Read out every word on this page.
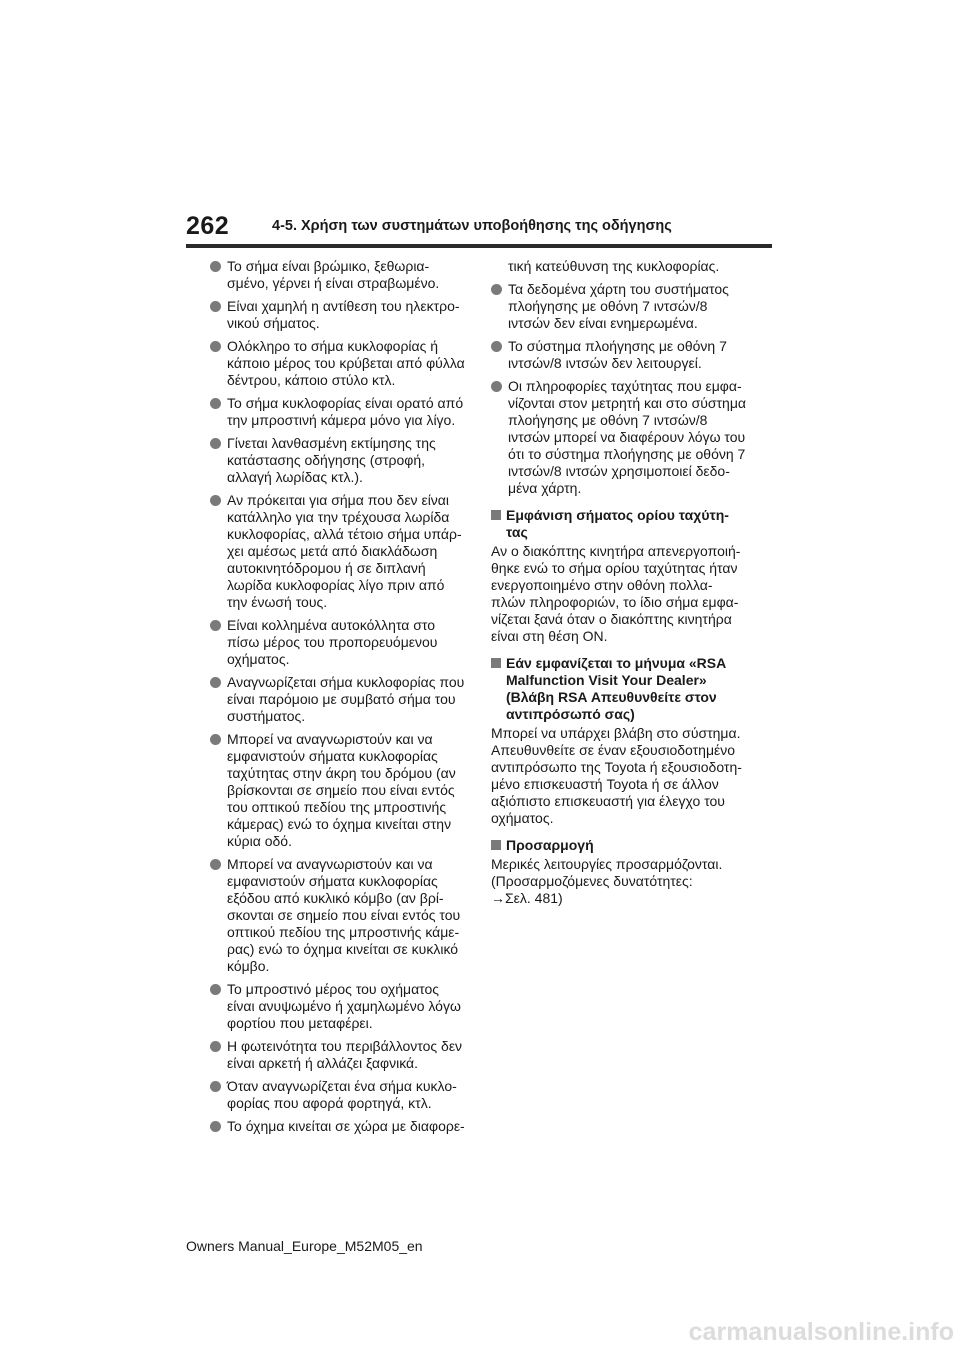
262	4-5. Χρήση των συστημάτων υποβοήθησης της οδήγησης
Το σήμα είναι βρώμικο, ξεθωρια-
σμένο, γέρνει ή είναι στραβωμένο.
Είναι χαμηλή η αντίθεση του ηλεκτρο-
νικού σήματος.
Ολόκληρο το σήμα κυκλοφορίας ή
κάποιο μέρος του κρύβεται από φύλλα
δέντρου, κάποιο στύλο κτλ.
Το σήμα κυκλοφορίας είναι ορατό από
την μπροστινή κάμερα μόνο για λίγο.
Γίνεται λανθασμένη εκτίμησης της
κατάστασης οδήγησης (στροφή,
αλλαγή λωρίδας κτλ.).
Αν πρόκειται για σήμα που δεν είναι
κατάλληλο για την τρέχουσα λωρίδα
κυκλοφορίας, αλλά τέτοιο σήμα υπάρ-
χει αμέσως μετά από διακλάδωση
αυτοκινητόδρομου ή σε διπλανή
λωρίδα κυκλοφορίας λίγο πριν από
την ένωσή τους.
Είναι κολλημένα αυτοκόλλητα στο
πίσω μέρος του προπορευόμενου
οχήματος.
Αναγνωρίζεται σήμα κυκλοφορίας που
είναι παρόμοιο με συμβατό σήμα του
συστήματος.
Μπορεί να αναγνωριστούν και να
εμφανιστούν σήματα κυκλοφορίας
ταχύτητας στην άκρη του δρόμου (αν
βρίσκονται σε σημείο που είναι εντός
του οπτικού πεδίου της μπροστινής
κάμερας) ενώ το όχημα κινείται στην
κύρια οδό.
Μπορεί να αναγνωριστούν και να
εμφανιστούν σήματα κυκλοφορίας
εξόδου από κυκλικό κόμβο (αν βρί-
σκονται σε σημείο που είναι εντός του
οπτικού πεδίου της μπροστινής κάμε-
ρας) ενώ το όχημα κινείται σε κυκλικό
κόμβο.
Το μπροστινό μέρος του οχήματος
είναι ανυψωμένο ή χαμηλωμένο λόγω
φορτίου που μεταφέρει.
Η φωτεινότητα του περιβάλλοντος δεν
είναι αρκετή ή αλλάζει ξαφνικά.
Όταν αναγνωρίζεται ένα σήμα κυκλο-
φορίας που αφορά φορτηγά, κτλ.
Το όχημα κινείται σε χώρα με διαφορε-
τική κατεύθυνση της κυκλοφορίας.
Τα δεδομένα χάρτη του συστήματος
πλοήγησης με οθόνη 7 ιντσών/8
ιντσών δεν είναι ενημερωμένα.
Το σύστημα πλοήγησης με οθόνη 7
ιντσών/8 ιντσών δεν λειτουργεί.
Οι πληροφορίες ταχύτητας που εμφα-
νίζονται στον μετρητή και στο σύστημα
πλοήγησης με οθόνη 7 ιντσών/8
ιντσών μπορεί να διαφέρουν λόγω του
ότι το σύστημα πλοήγησης με οθόνη 7
ιντσών/8 ιντσών χρησιμοποιεί δεδο-
μένα χάρτη.
Εμφάνιση σήματος ορίου ταχύτη-
τας
Αν ο διακόπτης κινητήρα απενεργοποιή-
θηκε ενώ το σήμα ορίου ταχύτητας ήταν
ενεργοποιημένο στην οθόνη πολλα-
πλών πληροφοριών, το ίδιο σήμα εμφα-
νίζεται ξανά όταν ο διακόπτης κινητήρα
είναι στη θέση ON.
Εάν εμφανίζεται το μήνυμα «RSA
Malfunction Visit Your Dealer»
(Βλάβη RSA Απευθυνθείτε στον
αντιπρόσωπό σας)
Μπορεί να υπάρχει βλάβη στο σύστημα.
Απευθυνθείτε σε έναν εξουσιοδοτημένο
αντιπρόσωπο της Toyota ή εξουσιοδοτη-
μένο επισκευαστή Toyota ή σε άλλον
αξιόπιστο επισκευαστή για έλεγχο του
οχήματος.
Προσαρμογή
Μερικές λειτουργίες προσαρμόζονται.
(Προσαρμοζόμενες δυνατότητες:
→Σελ. 481)
Owners Manual_Europe_M52M05_en
carmanualsonline.info
